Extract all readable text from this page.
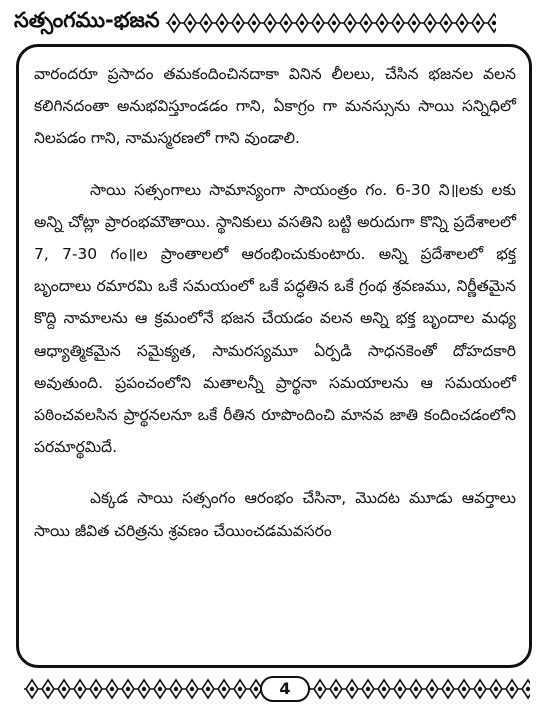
సత్సంగము-భజన

వారందరూ ప్రసాదం తమకందించినదాకా వినిన లీలలు, చేసిన భజనల వలన కలిగినదంతా అనుభవిస్తూండడం గాని, ఏకాగ్రం గా మనస్సును సాయి సన్నిధిలో నిలపడం గాని, నామస్మరణలో గాని వుండాలి.

సాయి సత్సంగాలు సామాన్యంగా సాయంత్రం గం. 6-30 ని॥లకు లకు అన్ని చోట్లా ప్రారంభమౌతాయి. స్థానికులు వసతిని బట్టి అరుదుగా కొన్ని ప్రదేశాలలో 7, 7-30 గం॥ల ప్రాంతాలలో ఆరంభించుకుంటారు. అన్ని ప్రదేశాలలో భక్త బృందాలు రమారమి ఒకే సమయంలో ఒకే పద్ధతిన ఒకే గ్రంథ శ్రవణము, నిర్ణీతమైన కొద్ది నామాలను ఆ క్రమంలోనే భజన చేయడం వలన అన్ని భక్త బృందాల మధ్య ఆధ్యాత్మికమైన సమైక్యత, సామరస్యమూ ఏర్పడి సాధనకెంతో దోహదకారి అవుతుంది. ప్రపంచంలోని మతాలన్నీ ప్రార్థనా సమయాలను ఆ సమయంలో పఠించవలసిన ప్రార్థనలనూ ఒకే రీతిన రూపొందించి మానవ జాతి కందించడంలోని పరమార్థమిదే.

ఎక్కడ సాయి సత్సంగం ఆరంభం చేసినా, మొదట మూడు ఆవర్తాలు సాయి జీవిత చరిత్రను శ్రవణం చేయించడమవసరం

4
